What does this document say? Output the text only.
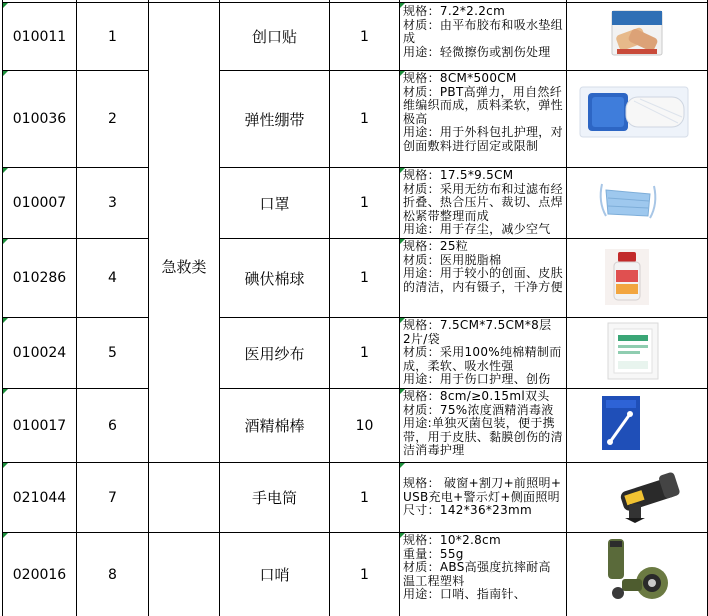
急救类
010011	1	创口贴	1
规格：7.2*2.2cm
材质：由平布胶布和吸水垫组成
用途：轻微擦伤或割伤处理
010036	2	弹性绷带	1
规格：8CM*500CM
材质：PBT高弹力，用自然纤维编织而成，质料柔软，弹性极高
用途：用于外科包扎护理，对创面敷料进行固定或限制
010007	3	口罩	1
规格：17.5*9.5CM
材质：采用无纺布和过滤布经折叠、热合压片、裁切、点焊松紧带整理而成
用途：用于存尘，减少空气
010286	4	碘伏棉球	1
规格：25粒
材质：医用脱脂棉
用途：用于较小的创面、皮肤的清洁，内有镊子，干净方便
010024	5	医用纱布	1
规格：7.5CM*7.5CM*8层 2片/袋
材质：采用100%纯棉精制而成，柔软、吸水性强
用途：用于伤口护理、创伤
010017	6	酒精棉棒	10
规格：8cm/≥0.15ml双头
材质：75%浓度酒精消毒液
用途:单独灭菌包装，便于携带，用于皮肤、黏膜创伤的清洁消毒护理
021044	7	手电筒	1
规格： 破窗+割刀+前照明+USB充电+警示灯+侧面照明
尺寸：142*36*23mm
020016	8	口哨	1
规格：10*2.8cm
重量：55g
材质：ABS高强度抗摔耐高温工程塑料
用途：口哨、指南针、
